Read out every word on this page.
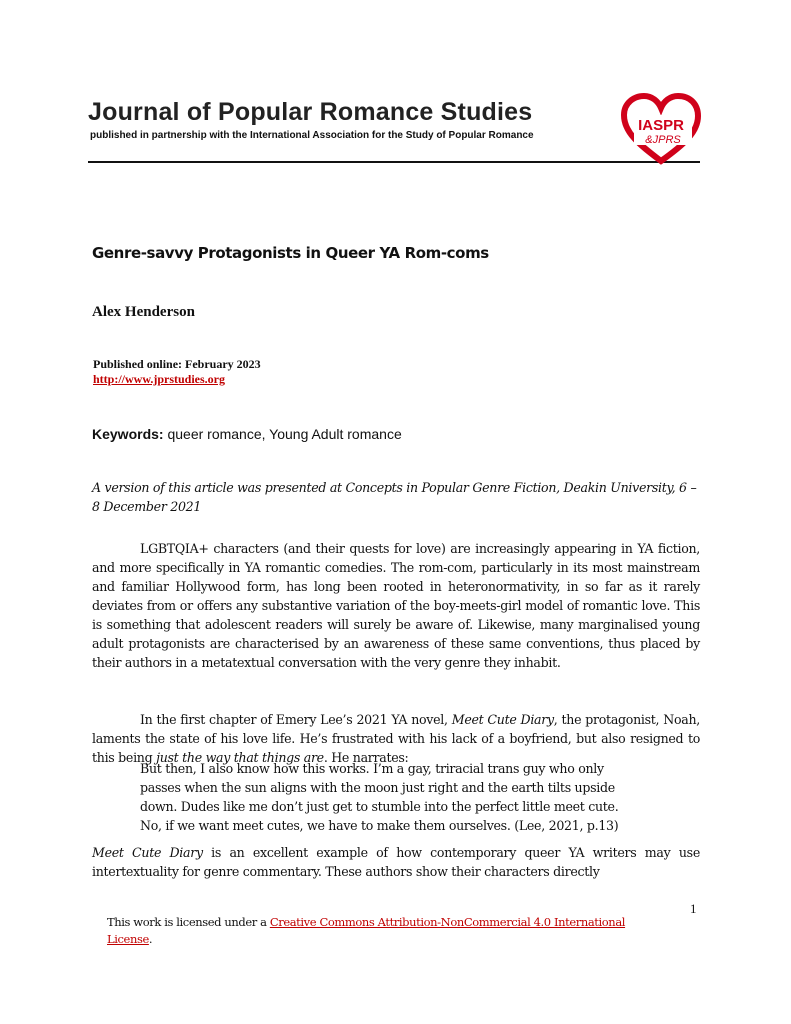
Journal of Popular Romance Studies

published in partnership with the International Association for the Study of Popular Romance

IASPR
&JPRS
Genre-savvy Protagonists in Queer YA Rom-coms

Alex Henderson

Published online: February 2023

http://www.jprstudies.org

Keywords: queer romance, Young Adult romance

A version of this article was presented at Concepts in Popular Genre Fiction, Deakin University, 6 – 8 December 2021

LGBTQIA+ characters (and their quests for love) are increasingly appearing in YA fiction, and more specifically in YA romantic comedies. The rom-com, particularly in its most mainstream and familiar Hollywood form, has long been rooted in heteronormativity, in so far as it rarely deviates from or offers any substantive variation of the boy-meets-girl model of romantic love. This is something that adolescent readers will surely be aware of. Likewise, many marginalised young adult protagonists are characterised by an awareness of these same conventions, thus placed by their authors in a metatextual conversation with the very genre they inhabit.

In the first chapter of Emery Lee’s 2021 YA novel, Meet Cute Diary, the protagonist, Noah, laments the state of his love life. He’s frustrated with his lack of a boyfriend, but also resigned to this being just the way that things are. He narrates:

But then, I also know how this works. I’m a gay, triracial trans guy who only
passes when the sun aligns with the moon just right and the earth tilts upside
down. Dudes like me don’t just get to stumble into the perfect little meet cute.
No, if we want meet cutes, we have to make them ourselves. (Lee, 2021, p.13)

Meet Cute Diary is an excellent example of how contemporary queer YA writers may use intertextuality for genre commentary. These authors show their characters directly

1

This work is licensed under a Creative Commons Attribution-NonCommercial 4.0 International License.
